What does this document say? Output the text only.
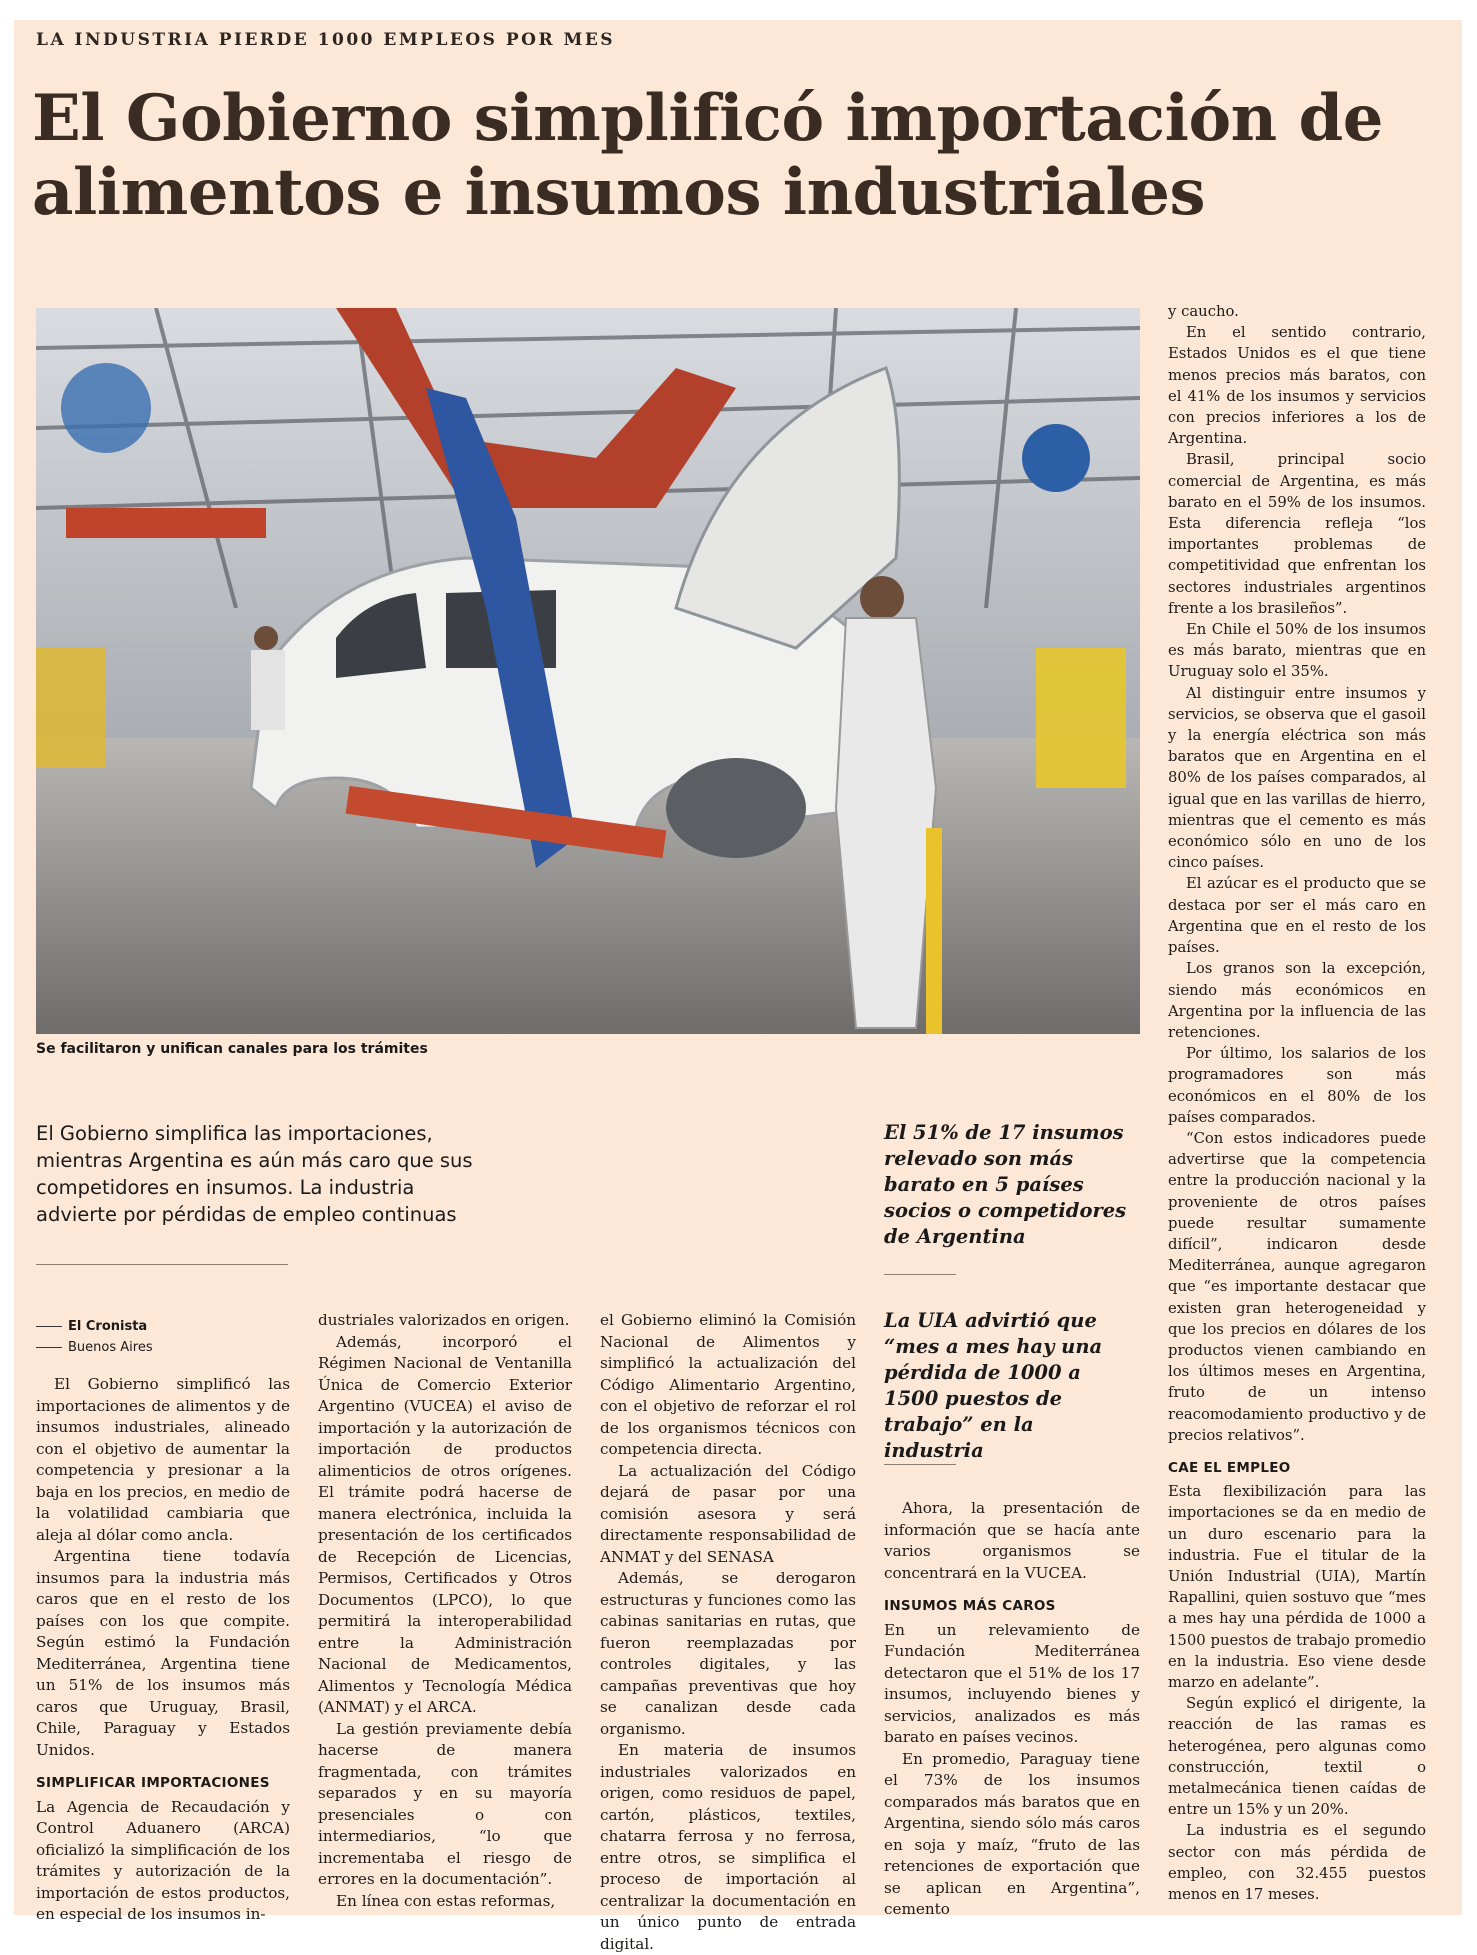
LA INDUSTRIA PIERDE 1000 EMPLEOS POR MES
El Gobierno simplificó importación de alimentos e insumos industriales
Se facilitaron y unifican canales para los trámites
El Gobierno simplifica las importaciones, mientras Argentina es aún más caro que sus competidores en insumos. La industria advierte por pérdidas de empleo continuas
El Cronista
Buenos Aires

El Gobierno simplificó las importaciones de alimentos y de insumos industriales, alineado con el objetivo de aumentar la competencia y presionar a la baja en los precios, en medio de la volatilidad cambiaria que aleja al dólar como ancla.

Argentina tiene todavía insumos para la industria más caros que en el resto de los países con los que compite. Según estimó la Fundación Mediterránea, Argentina tiene un 51% de los insumos más caros que Uruguay, Brasil, Chile, Paraguay y Estados Unidos.

SIMPLIFICAR IMPORTACIONES

La Agencia de Recaudación y Control Aduanero (ARCA) oficializó la simplificación de los trámites y autorización de la importación de estos productos, en especial de los insumos in-

dustriales valorizados en origen.

Además, incorporó el Régimen Nacional de Ventanilla Única de Comercio Exterior Argentino (VUCEA) el aviso de importación y la autorización de importación de productos alimenticios de otros orígenes. El trámite podrá hacerse de manera electrónica, incluida la presentación de los certificados de Recepción de Licencias, Permisos, Certificados y Otros Documentos (LPCO), lo que permitirá la interoperabilidad entre la Administración Nacional de Medicamentos, Alimentos y Tecnología Médica (ANMAT) y el ARCA.

La gestión previamente debía hacerse de manera fragmentada, con trámites separados y en su mayoría presenciales o con intermediarios, “lo que incrementaba el riesgo de errores en la documentación”.

En línea con estas reformas,

el Gobierno eliminó la Comisión Nacional de Alimentos y simplificó la actualización del Código Alimentario Argentino, con el objetivo de reforzar el rol de los organismos técnicos con competencia directa.

La actualización del Código dejará de pasar por una comisión asesora y será directamente responsabilidad de ANMAT y del SENASA

Además, se derogaron estructuras y funciones como las cabinas sanitarias en rutas, que fueron reemplazadas por controles digitales, y las campañas preventivas que hoy se canalizan desde cada organismo.

En materia de insumos industriales valorizados en origen, como residuos de papel, cartón, plásticos, textiles, chatarra ferrosa y no ferrosa, entre otros, se simplifica el proceso de importación al centralizar la documentación en un único punto de entrada digital.

El 51% de 17 insumos relevado son más barato en 5 países socios o competidores de Argentina
La UIA advirtió que “mes a mes hay una pérdida de 1000 a 1500 puestos de trabajo” en la industria

Ahora, la presentación de información que se hacía ante varios organismos se concentrará en la VUCEA.

INSUMOS MÁS CAROS

En un relevamiento de Fundación Mediterránea detectaron que el 51% de los 17 insumos, incluyendo bienes y servicios, analizados es más barato en países vecinos.

En promedio, Paraguay tiene el 73% de los insumos comparados más baratos que en Argentina, siendo sólo más caros en soja y maíz, “fruto de las retenciones de exportación que se aplican en Argentina”, cemento

y caucho.

En el sentido contrario, Estados Unidos es el que tiene menos precios más baratos, con el 41% de los insumos y servicios con precios inferiores a los de Argentina.

Brasil, principal socio comercial de Argentina, es más barato en el 59% de los insumos. Esta diferencia refleja “los importantes problemas de competitividad que enfrentan los sectores industriales argentinos frente a los brasileños”.

En Chile el 50% de los insumos es más barato, mientras que en Uruguay solo el 35%.

Al distinguir entre insumos y servicios, se observa que el gasoil y la energía eléctrica son más baratos que en Argentina en el 80% de los países comparados, al igual que en las varillas de hierro, mientras que el cemento es más económico sólo en uno de los cinco países.

El azúcar es el producto que se destaca por ser el más caro en Argentina que en el resto de los países.

Los granos son la excepción, siendo más económicos en Argentina por la influencia de las retenciones.

Por último, los salarios de los programadores son más económicos en el 80% de los países comparados.

“Con estos indicadores puede advertirse que la competencia entre la producción nacional y la proveniente de otros países puede resultar sumamente difícil”, indicaron desde Mediterránea, aunque agregaron que “es importante destacar que existen gran heterogeneidad y que los precios en dólares de los productos vienen cambiando en los últimos meses en Argentina, fruto de un intenso reacomodamiento productivo y de precios relativos”.

CAE EL EMPLEO

Esta flexibilización para las importaciones se da en medio de un duro escenario para la industria. Fue el titular de la Unión Industrial (UIA), Martín Rapallini, quien sostuvo que “mes a mes hay una pérdida de 1000 a 1500 puestos de trabajo promedio en la industria. Eso viene desde marzo en adelante”.

Según explicó el dirigente, la reacción de las ramas es heterogénea, pero algunas como construcción, textil o metalmecánica tienen caídas de entre un 15% y un 20%.

La industria es el segundo sector con más pérdida de empleo, con 32.455 puestos menos en 17 meses.
